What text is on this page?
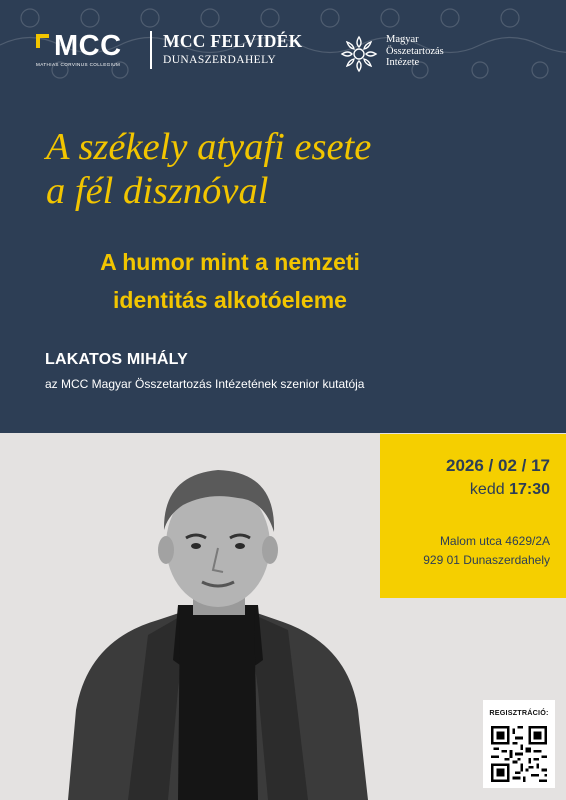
MCC
MATHIAS CORVINUS COLLEGIUM
MCC FELVIDÉK
DUNASZERDAHELY
Magyar
Összetartozás
Intézete
A székely atyafi esete
a fél disznóval
A humor mint a nemzeti
identitás alkotóeleme
LAKATOS MIHÁLY
az MCC Magyar Összetartozás Intézetének szenior kutatója
2026 / 02 / 17
kedd 17:30
Malom utca 4629/2A
929 01 Dunaszerdahely
REGISZTRÁCIÓ:
